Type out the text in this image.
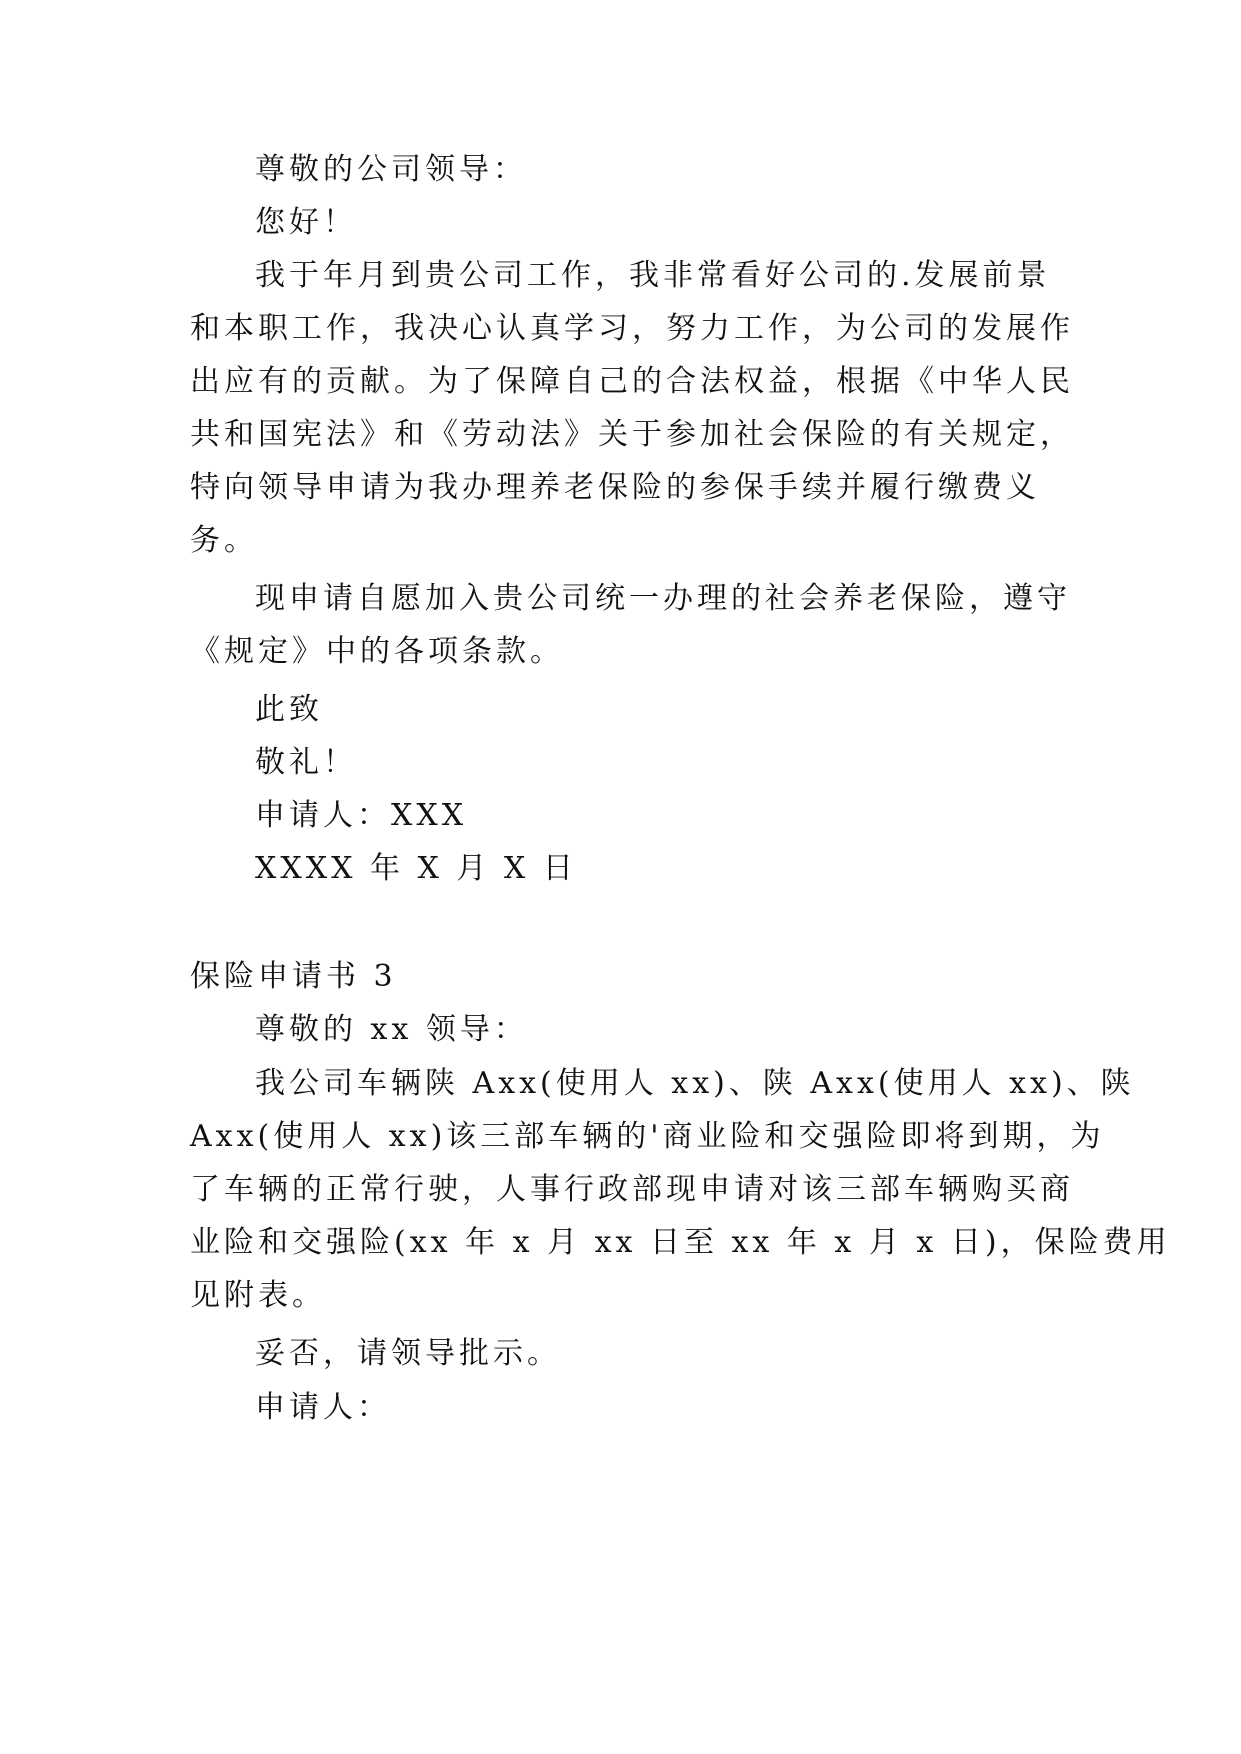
尊敬的公司领导：
您好！
我于年月到贵公司工作，我非常看好公司的.发展前景
和本职工作，我决心认真学习，努力工作，为公司的发展作
出应有的贡献。为了保障自己的合法权益，根据《中华人民
共和国宪法》和《劳动法》关于参加社会保险的有关规定，
特向领导申请为我办理养老保险的参保手续并履行缴费义
务。
现申请自愿加入贵公司统一办理的社会养老保险，遵守
《规定》中的各项条款。
此致
敬礼！
申请人：XXX
XXXX 年 X 月 X 日
保险申请书 3
尊敬的 xx 领导：
我公司车辆陕 Axx(使用人 xx)、陕 Axx(使用人 xx)、陕
Axx(使用人 xx)该三部车辆的'商业险和交强险即将到期，为
了车辆的正常行驶，人事行政部现申请对该三部车辆购买商
业险和交强险(xx 年 x 月 xx 日至 xx 年 x 月 x 日)，保险费用
见附表。
妥否，请领导批示。
申请人：
